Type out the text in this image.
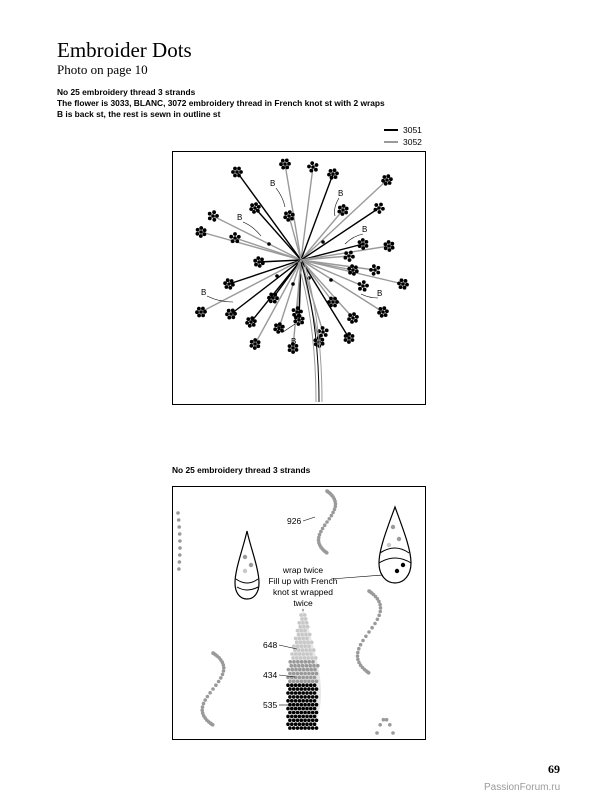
Embroider Dots
Photo on page 10
No 25 embroidery thread 3 strands
The flower is 3033, BLANC, 3072 embroidery thread in French knot st with 2 wraps
B is back st, the rest is sewn in outline st
3051
3052
B
B
B
B
B	B
B
B
No 25 embroidery thread 3 strands
926
wrap twice
Fill up with French
knot st wrapped
twice
648
434
535
69
PassionForum.ru
